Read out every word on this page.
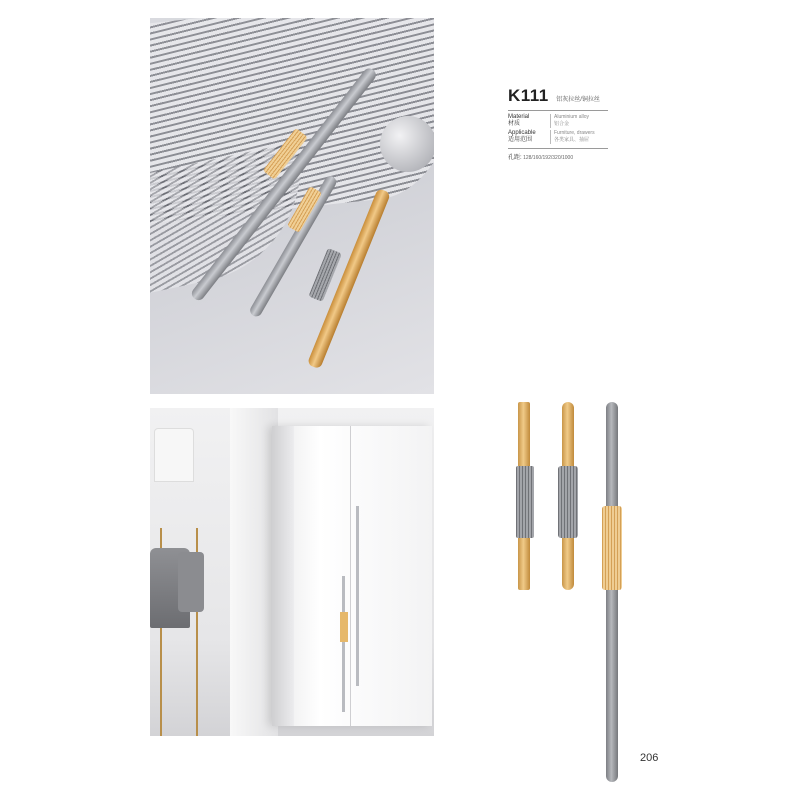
K111 铝灰拉丝/铜拉丝
Material
材质
Aluminium alloy
铝合金
Applicable
适用范围
Furniture, drawers
各类家具、抽屉
孔距: 128/160/192/320/1000
206
